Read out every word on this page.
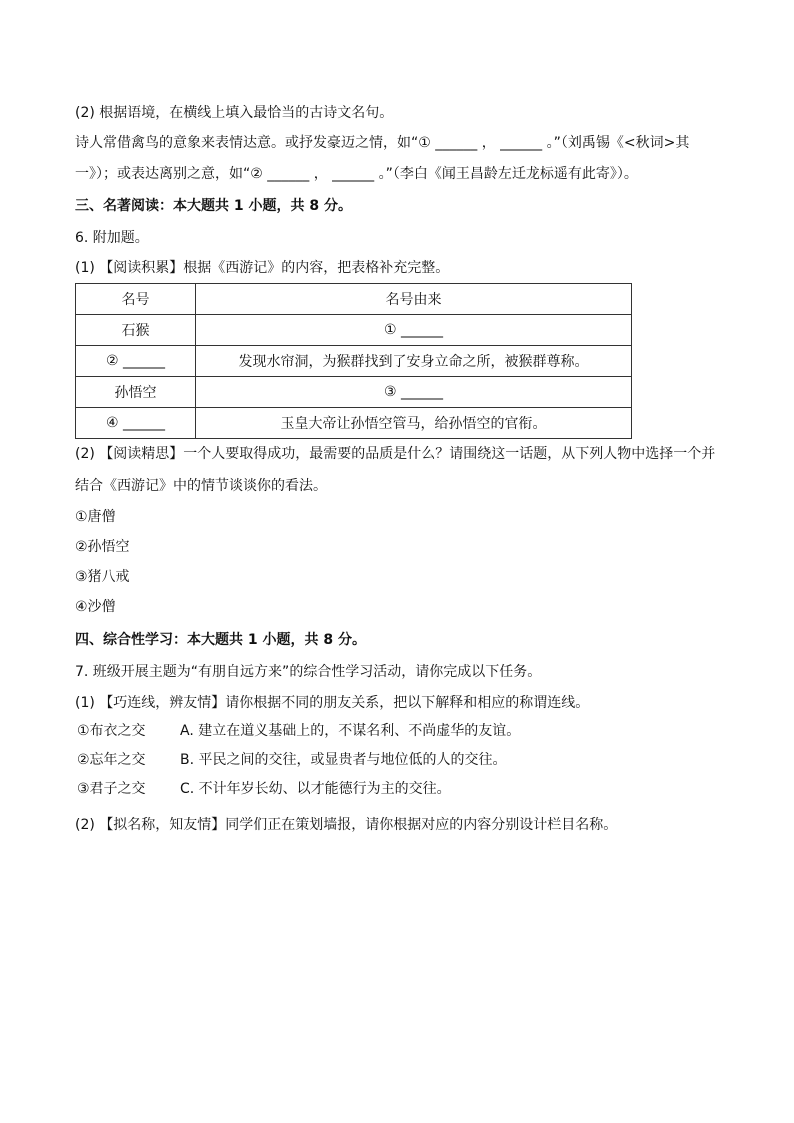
(2) 根据语境，在横线上填入最恰当的古诗文名句。
诗人常借禽鸟的意象来表情达意。或抒发豪迈之情，如“① ______ ， ______ 。”（刘禹锡《<秋词>其
一》）；或表达离别之意，如“② ______ ， ______ 。”（李白《闻王昌龄左迁龙标遥有此寄》）。
三、名著阅读：本大题共 1 小题，共 8 分。
6. 附加题。
(1) 【阅读积累】根据《西游记》的内容，把表格补充完整。
名号	名号由来
石猴	① ______
② ______	发现水帘洞，为猴群找到了安身立命之所，被猴群尊称。
孙悟空	③ ______
④ ______	玉皇大帝让孙悟空管马，给孙悟空的官衔。
(2) 【阅读精思】一个人要取得成功，最需要的品质是什么？请围绕这一话题，从下列人物中选择一个并
结合《西游记》中的情节谈谈你的看法。
①唐僧
②孙悟空
③猪八戒
④沙僧
四、综合性学习：本大题共 1 小题，共 8 分。
7. 班级开展主题为“有朋自远方来”的综合性学习活动，请你完成以下任务。
(1) 【巧连线，辨友情】请你根据不同的朋友关系，把以下解释和相应的称谓连线。
①布衣之交 A. 建立在道义基础上的，不谋名利、不尚虚华的友谊。
②忘年之交 B. 平民之间的交往，或显贵者与地位低的人的交往。
③君子之交 C. 不计年岁长幼、以才能德行为主的交往。
(2) 【拟名称，知友情】同学们正在策划墙报，请你根据对应的内容分别设计栏目名称。
